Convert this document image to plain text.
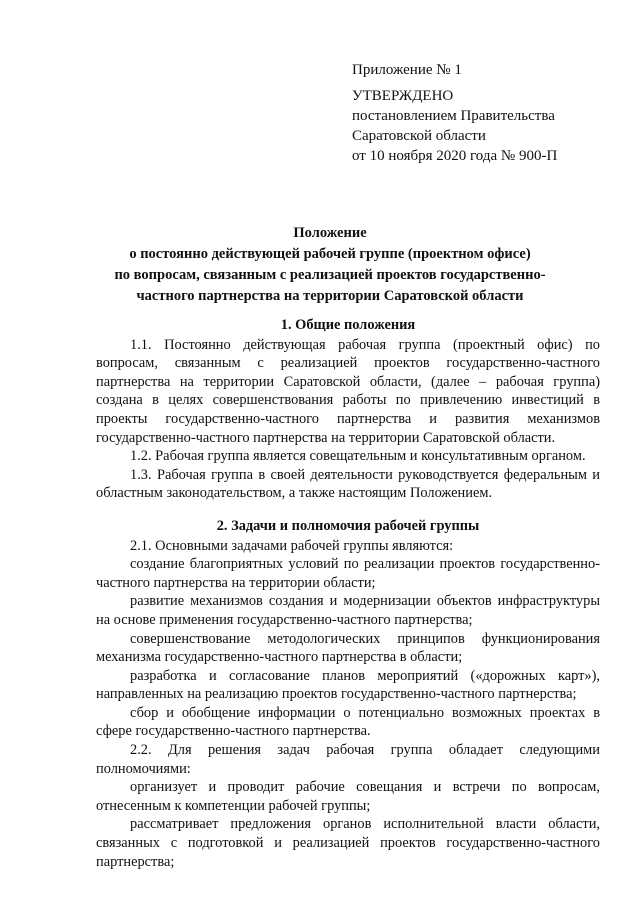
Приложение № 1
УТВЕРЖДЕНО
постановлением Правительства
Саратовской области
от 10 ноября 2020 года № 900-П
Положение
о постоянно действующей рабочей группе (проектном офисе)
по вопросам, связанным с реализацией проектов государственно-
частного партнерства на территории Саратовской области

1. Общие положения

1.1. Постоянно действующая рабочая группа (проектный офис) по вопросам, связанным с реализацией проектов государственно-частного партнерства на территории Саратовской области, (далее – рабочая группа) создана в целях совершенствования работы по привлечению инвестиций в проекты государственно-частного партнерства и развития механизмов государственно-частного партнерства на территории Саратовской области.

1.2. Рабочая группа является совещательным и консультативным органом.

1.3. Рабочая группа в своей деятельности руководствуется федеральным и областным законодательством, а также настоящим Положением.

2. Задачи и полномочия рабочей группы

2.1. Основными задачами рабочей группы являются:

создание благоприятных условий по реализации проектов государственно-частного партнерства на территории области;

развитие механизмов создания и модернизации объектов инфраструктуры на основе применения государственно-частного партнерства;

совершенствование методологических принципов функционирования механизма государственно-частного партнерства в области;

разработка и согласование планов мероприятий («дорожных карт»), направленных на реализацию проектов государственно-частного партнерства;

сбор и обобщение информации о потенциально возможных проектах в сфере государственно-частного партнерства.

2.2. Для решения задач рабочая группа обладает следующими полномочиями:

организует и проводит рабочие совещания и встречи по вопросам, отнесенным к компетенции рабочей группы;

рассматривает предложения органов исполнительной власти области, связанных с подготовкой и реализацией проектов государственно-частного партнерства;
